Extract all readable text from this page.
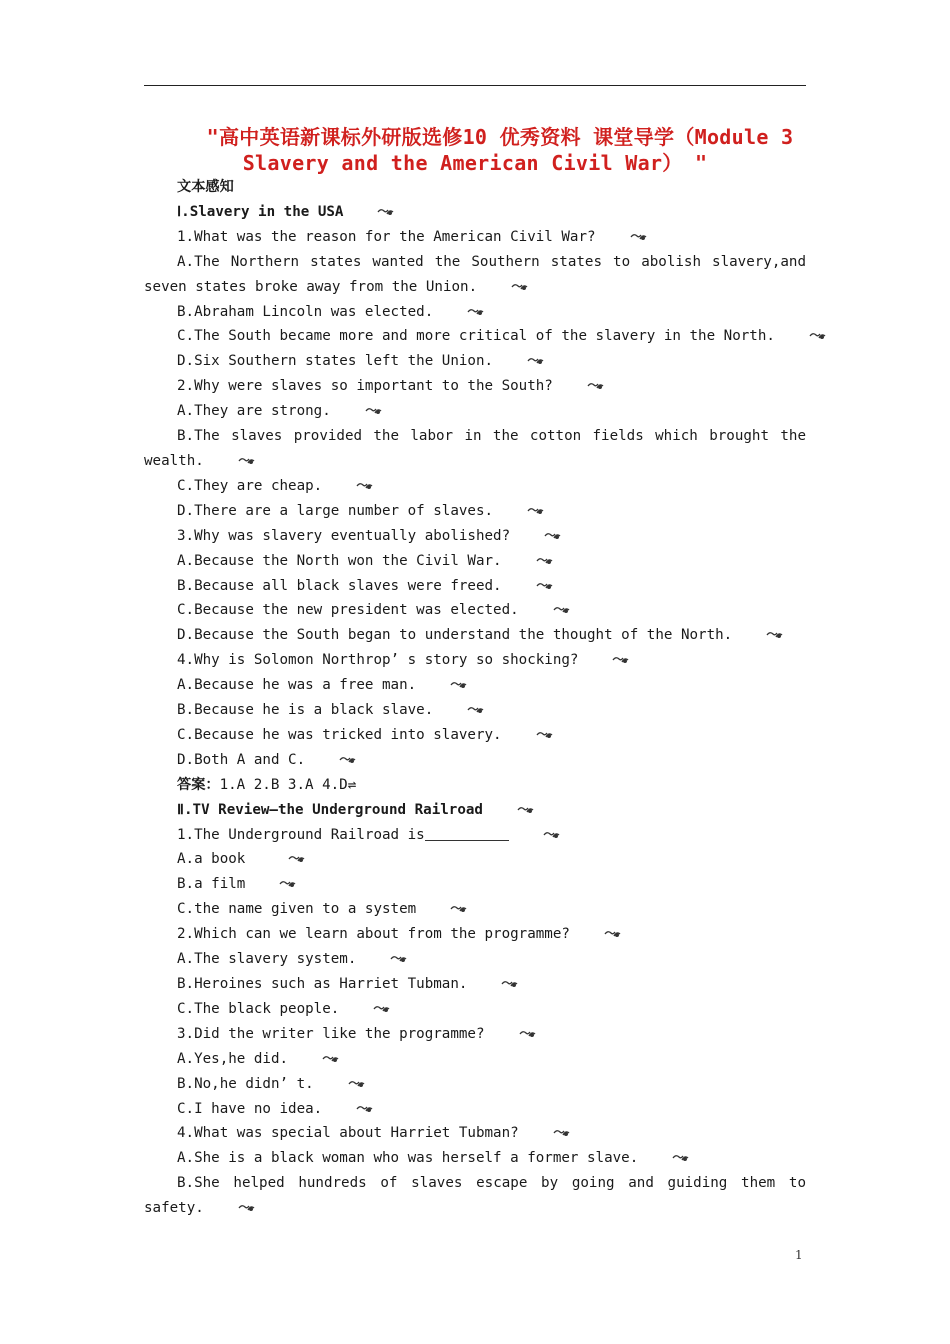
"高中英语新课标外研版选修10 优秀资料 课堂导学（Module 3
Slavery and the American Civil War） "
文本感知
Ⅰ.Slavery in the USA
1.What was the reason for the American Civil War?
A.The Northern states wanted the Southern states to abolish slavery,and seven states broke away from the Union.
B.Abraham Lincoln was elected.
C.The South became more and more critical of the slavery in the North.
D.Six Southern states left the Union.
2.Why were slaves so important to the South?
A.They are strong.
B.The slaves provided the labor in the cotton fields which brought the wealth.
C.They are cheap.
D.There are a large number of slaves.
3.Why was slavery eventually abolished?
A.Because the North won the Civil War.
B.Because all black slaves were freed.
C.Because the new president was elected.
D.Because the South began to understand the thought of the North.
4.Why is Solomon Northrop’ s story so shocking?
A.Because he was a free man.
B.Because he is a black slave.
C.Because he was tricked into slavery.
D.Both A and C.
答案：1.A 2.B 3.A 4.D⇌
Ⅱ.TV Review—the Underground Railroad
1.The Underground Railroad is
A.a book
B.a film
C.the name given to a system
2.Which can we learn about from the programme?
A.The slavery system.
B.Heroines such as Harriet Tubman.
C.The black people.
3.Did the writer like the programme?
A.Yes,he did.
B.No,he didn’ t.
C.I have no idea.
4.What was special about Harriet Tubman?
A.She is a black woman who was herself a former slave.
B.She helped hundreds of slaves escape by going and guiding them to safety.
1
